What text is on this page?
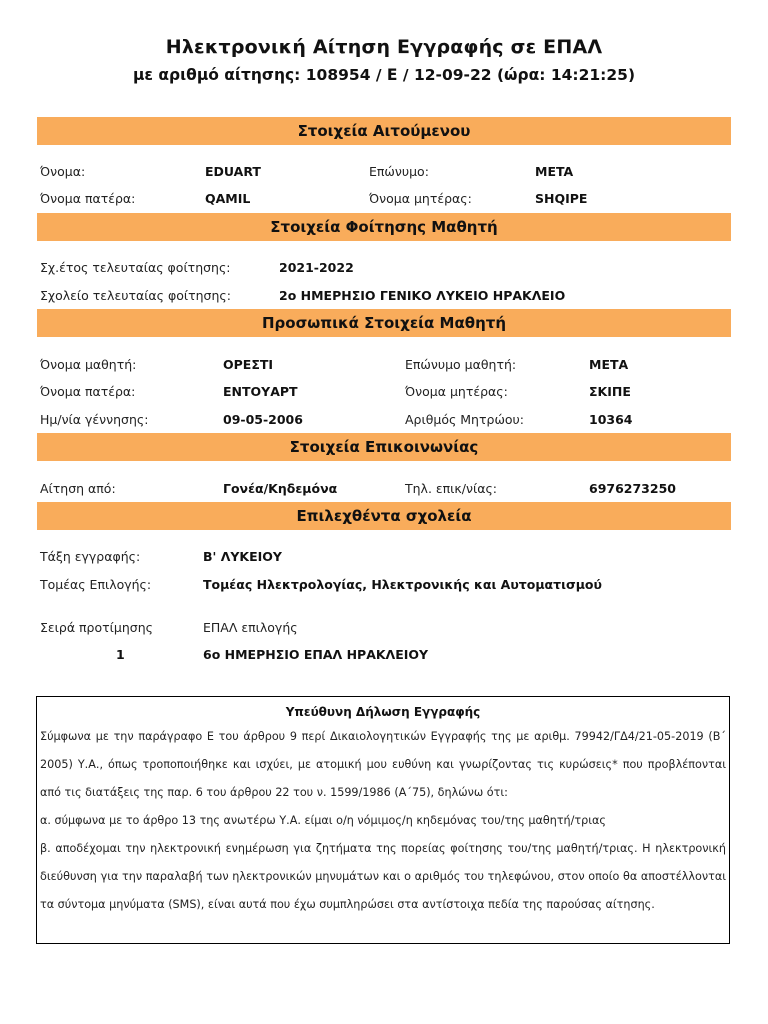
Ηλεκτρονική Αίτηση Εγγραφής σε ΕΠΑΛ
με αριθμό αίτησης: 108954 / Ε / 12-09-22 (ώρα: 14:21:25)
Στοιχεία Αιτούμενου
Όνομα:	EDUART	Επώνυμο:	META
Όνομα πατέρα:	QAMIL	Όνομα μητέρας:	SHQIPE
Στοιχεία Φοίτησης Μαθητή
Σχ.έτος τελευταίας φοίτησης:	2021-2022
Σχολείο τελευταίας φοίτησης:	2ο ΗΜΕΡΗΣΙΟ ΓΕΝΙΚΟ ΛΥΚΕΙΟ ΗΡΑΚΛΕΙΟ
Προσωπικά Στοιχεία Μαθητή
Όνομα μαθητή:	ΟΡΕΣΤΙ	Επώνυμο μαθητή:	ΜΕΤΑ
Όνομα πατέρα:	ΕΝΤΟΥΑΡΤ	Όνομα μητέρας:	ΣΚΙΠΕ
Ημ/νία γέννησης:	09-05-2006	Αριθμός Μητρώου:	10364
Στοιχεία Επικοινωνίας
Αίτηση από:	Γονέα/Κηδεμόνα	Τηλ. επικ/νίας:	6976273250
Επιλεχθέντα σχολεία
Τάξη εγγραφής:	Β' ΛΥΚΕΙΟΥ
Τομέας Επιλογής:	Τομέας Ηλεκτρολογίας, Ηλεκτρονικής και Αυτοματισμού
Σειρά προτίμησης	ΕΠΑΛ επιλογής
1	6ο ΗΜΕΡΗΣΙΟ ΕΠΑΛ ΗΡΑΚΛΕΙΟΥ
Υπεύθυνη Δήλωση Εγγραφής

Σύμφωνα με την παράγραφο Ε του άρθρου 9 περί Δικαιολογητικών Εγγραφής της με αριθμ. 79942/ΓΔ4/21-05-2019 (Β΄ 2005) Υ.Α., όπως τροποποιήθηκε και ισχύει, με ατομική μου ευθύνη και γνωρίζοντας τις κυρώσεις* που προβλέπονται από τις διατάξεις της παρ. 6 του άρθρου 22 του ν. 1599/1986 (Α΄75), δηλώνω ότι:

α. σύμφωνα με το άρθρο 13 της ανωτέρω Υ.Α. είμαι ο/η νόμιμος/η κηδεμόνας του/της μαθητή/τριας

β. αποδέχομαι την ηλεκτρονική ενημέρωση για ζητήματα της πορείας φοίτησης του/της μαθητή/τριας. Η ηλεκτρονική διεύθυνση για την παραλαβή των ηλεκτρονικών μηνυμάτων και ο αριθμός του τηλεφώνου, στον οποίο θα αποστέλλονται τα σύντομα μηνύματα (SMS), είναι αυτά που έχω συμπληρώσει στα αντίστοιχα πεδία της παρούσας αίτησης.
